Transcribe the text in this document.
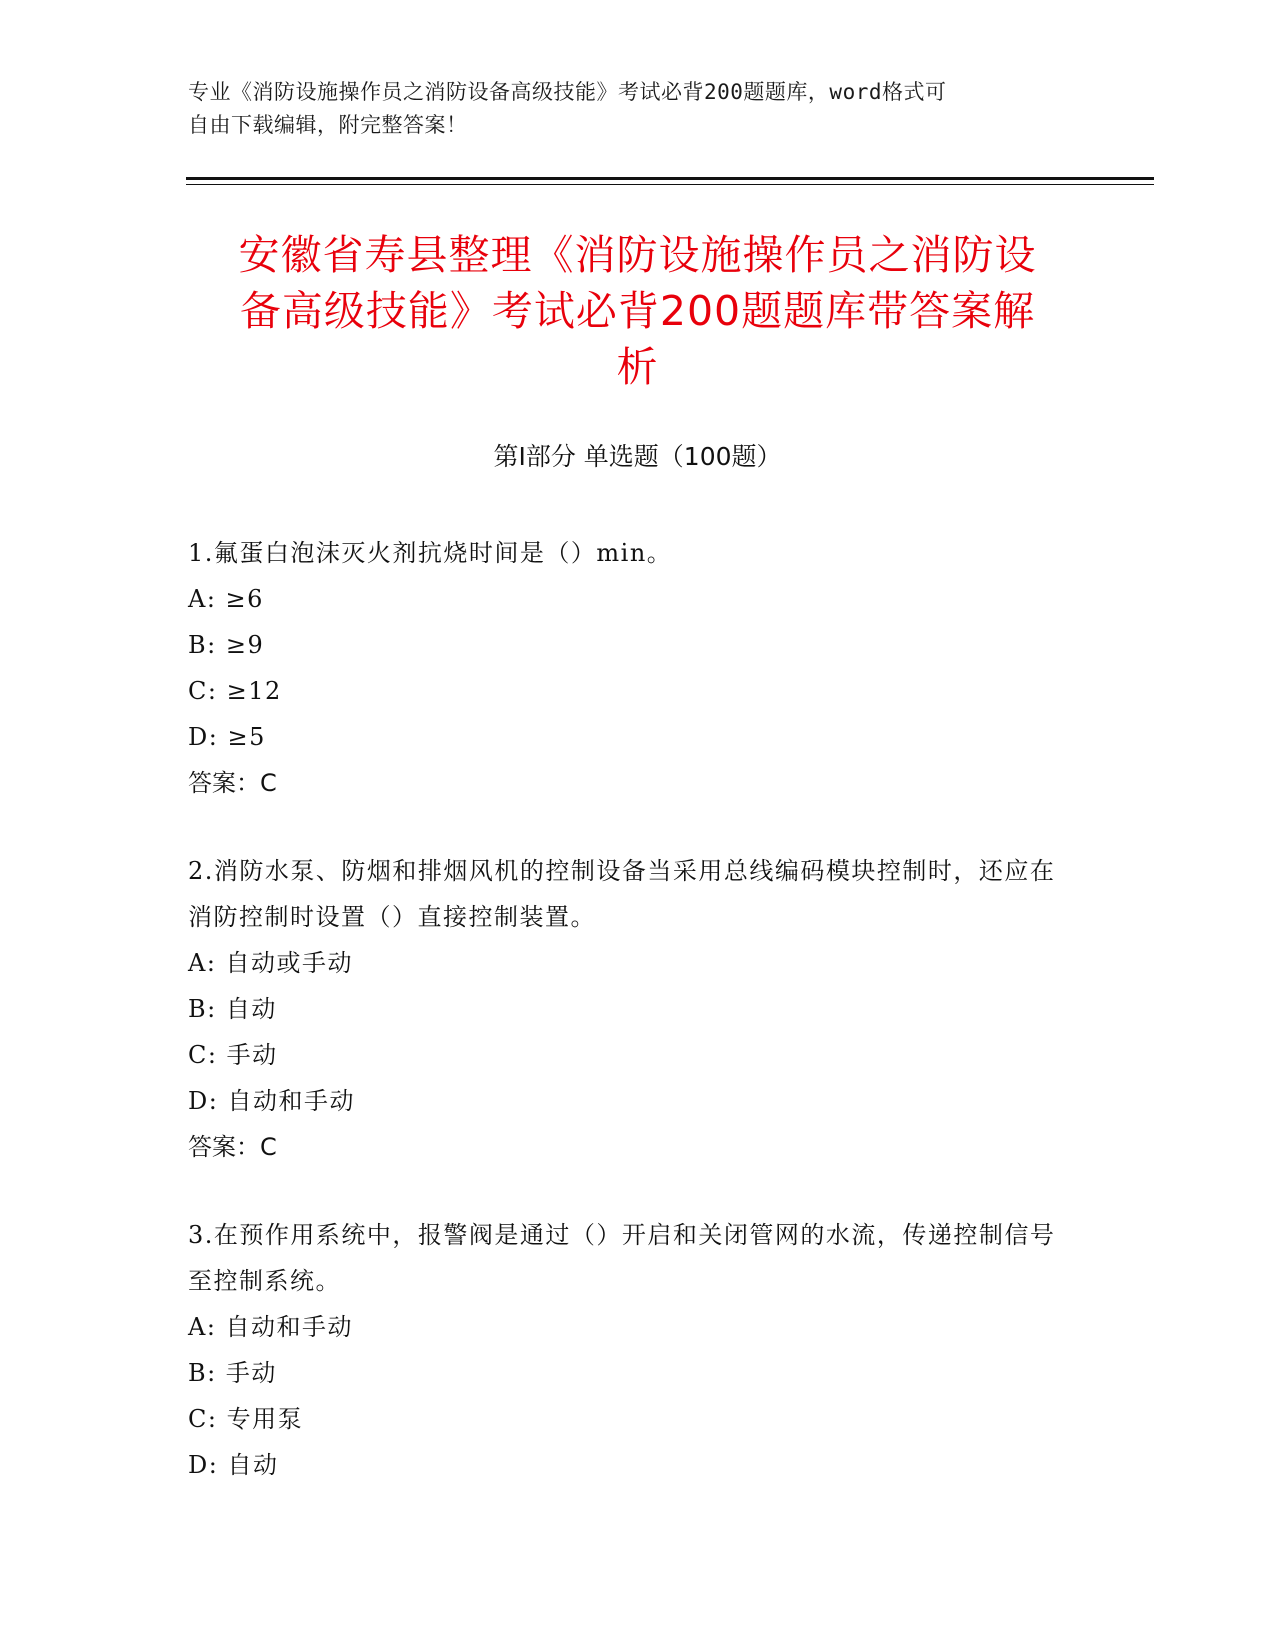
专业《消防设施操作员之消防设备高级技能》考试必背200题题库，word格式可
自由下载编辑，附完整答案！
安徽省寿县整理《消防设施操作员之消防设
备高级技能》考试必背200题题库带答案解
析
第Ⅰ部分 单选题（100题）

1.氟蛋白泡沫灭火剂抗烧时间是（）min。

A: ≥6

B: ≥9

C: ≥12

D: ≥5

答案：C

2.消防水泵、防烟和排烟风机的控制设备当采用总线编码模块控制时，还应在消防控制时设置（）直接控制装置。

A: 自动或手动

B: 自动

C: 手动

D: 自动和手动

答案：C

3.在预作用系统中，报警阀是通过（）开启和关闭管网的水流，传递控制信号至控制系统。

A: 自动和手动

B: 手动

C: 专用泵

D: 自动
